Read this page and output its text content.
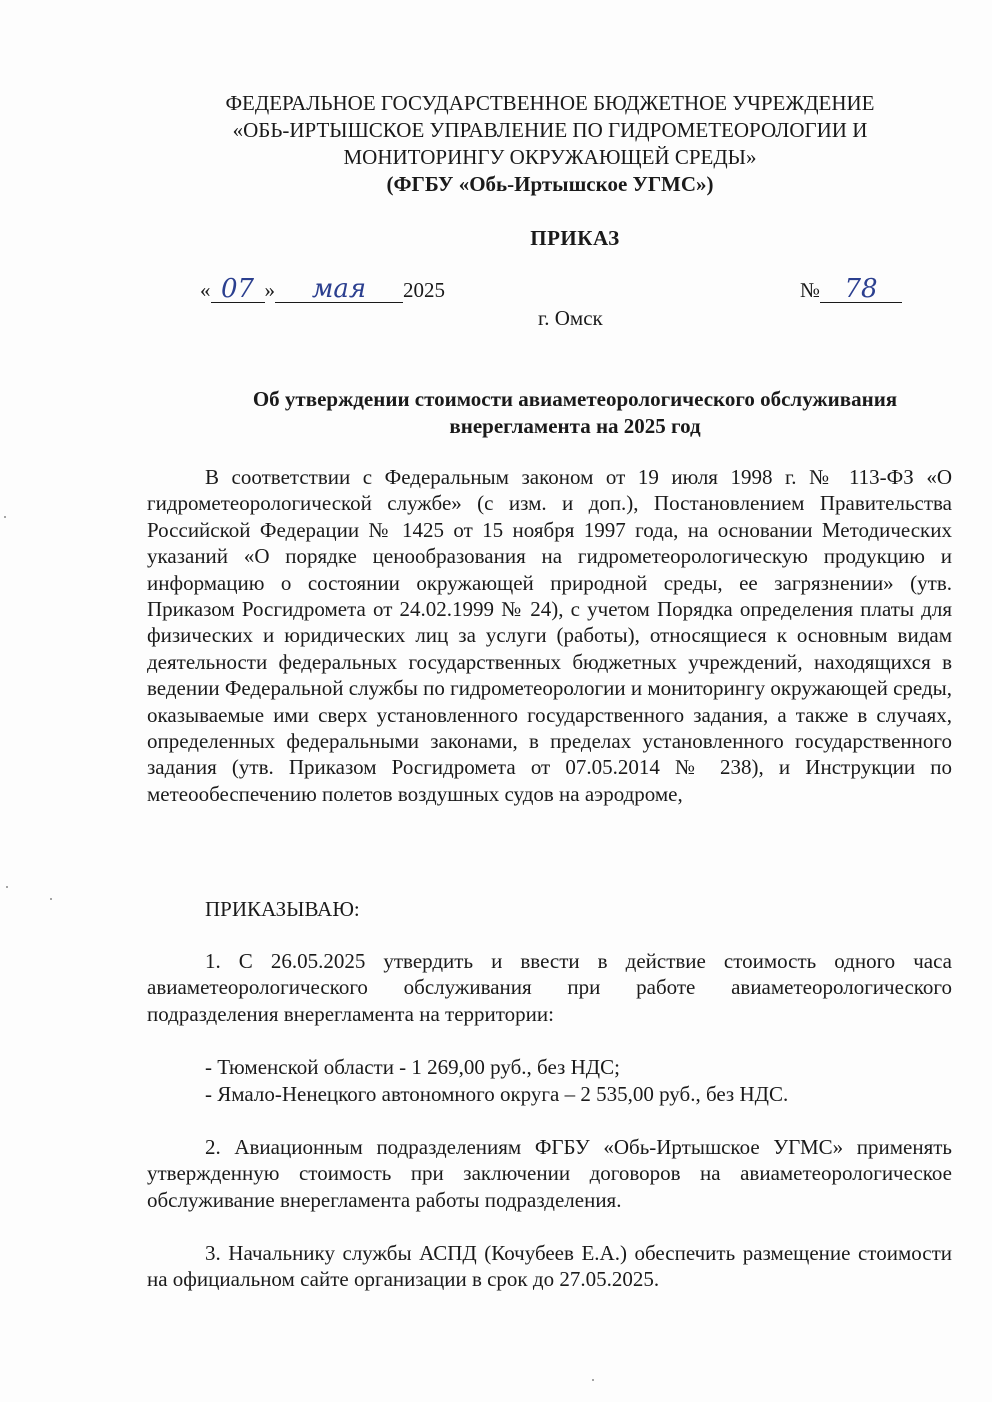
ФЕДЕРАЛЬНОЕ ГОСУДАРСТВЕННОЕ БЮДЖЕТНОЕ УЧРЕЖДЕНИЕ
«ОБЬ-ИРТЫШСКОЕ УПРАВЛЕНИЕ ПО ГИДРОМЕТЕОРОЛОГИИ И
МОНИТОРИНГУ ОКРУЖАЮЩЕЙ СРЕДЫ»
(ФГБУ «Обь-Иртышское УГМС»)
ПРИКАЗ
« 07 » мая 2025	№ 78
г. Омск
Об утверждении стоимости авиаметеорологического обслуживания
внерегламента на 2025 год
В соответствии с Федеральным законом от 19 июля 1998 г. № 113-ФЗ «О гидрометеорологической службе» (с изм. и доп.), Постановлением Правительства Российской Федерации № 1425 от 15 ноября 1997 года, на основании Методических указаний «О порядке ценообразования на гидрометеорологическую продукцию и информацию о состоянии окружающей природной среды, ее загрязнении» (утв. Приказом Росгидромета от 24.02.1999 № 24), с учетом Порядка определения платы для физических и юридических лиц за услуги (работы), относящиеся к основным видам деятельности федеральных государственных бюджетных учреждений, находящихся в ведении Федеральной службы по гидрометеорологии и мониторингу окружающей среды, оказываемые ими сверх установленного государственного задания, а также в случаях, определенных федеральными законами, в пределах установленного государственного задания (утв. Приказом Росгидромета от 07.05.2014 № 238), и Инструкции по метеообеспечению полетов воздушных судов на аэродроме,
ПРИКАЗЫВАЮ:
1. С 26.05.2025 утвердить и ввести в действие стоимость одного часа авиаметеорологического обслуживания при работе авиаметеорологического подразделения внерегламента на территории:
- Тюменской области - 1 269,00 руб., без НДС;
- Ямало-Ненецкого автономного округа – 2 535,00 руб., без НДС.
2. Авиационным подразделениям ФГБУ «Обь-Иртышское УГМС» применять утвержденную стоимость при заключении договоров на авиаметеорологическое обслуживание внерегламента работы подразделения.
3. Начальнику службы АСПД (Кочубеев Е.А.) обеспечить размещение стоимости на официальном сайте организации в срок до 27.05.2025.
